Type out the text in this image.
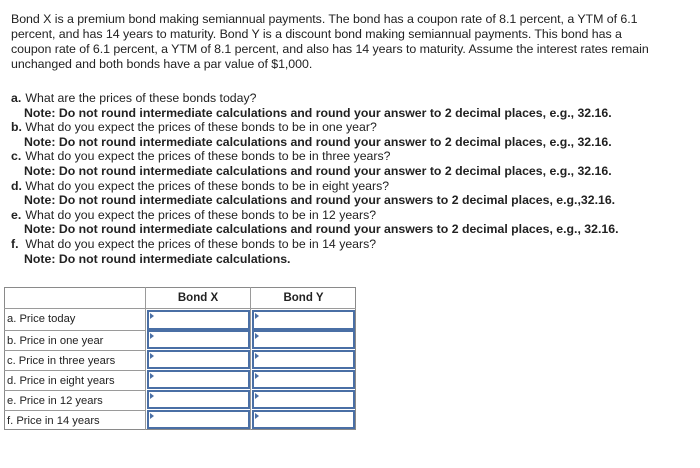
Bond X is a premium bond making semiannual payments. The bond has a coupon rate of 8.1 percent, a YTM of 6.1
percent, and has 14 years to maturity. Bond Y is a discount bond making semiannual payments. This bond has a
coupon rate of 6.1 percent, a YTM of 8.1 percent, and also has 14 years to maturity. Assume the interest rates remain
unchanged and both bonds have a par value of $1,000.
a. What are the prices of these bonds today?
Note: Do not round intermediate calculations and round your answer to 2 decimal places, e.g., 32.16.
b. What do you expect the prices of these bonds to be in one year?
Note: Do not round intermediate calculations and round your answer to 2 decimal places, e.g., 32.16.
c. What do you expect the prices of these bonds to be in three years?
Note: Do not round intermediate calculations and round your answer to 2 decimal places, e.g., 32.16.
d. What do you expect the prices of these bonds to be in eight years?
Note: Do not round intermediate calculations and round your answers to 2 decimal places, e.g.,32.16.
e. What do you expect the prices of these bonds to be in 12 years?
Note: Do not round intermediate calculations and round your answers to 2 decimal places, e.g., 32.16.
f. What do you expect the prices of these bonds to be in 14 years?
Note: Do not round intermediate calculations.
Bond X	Bond Y
a. Price today
b. Price in one year
c. Price in three years
d. Price in eight years
e. Price in 12 years
f. Price in 14 years
